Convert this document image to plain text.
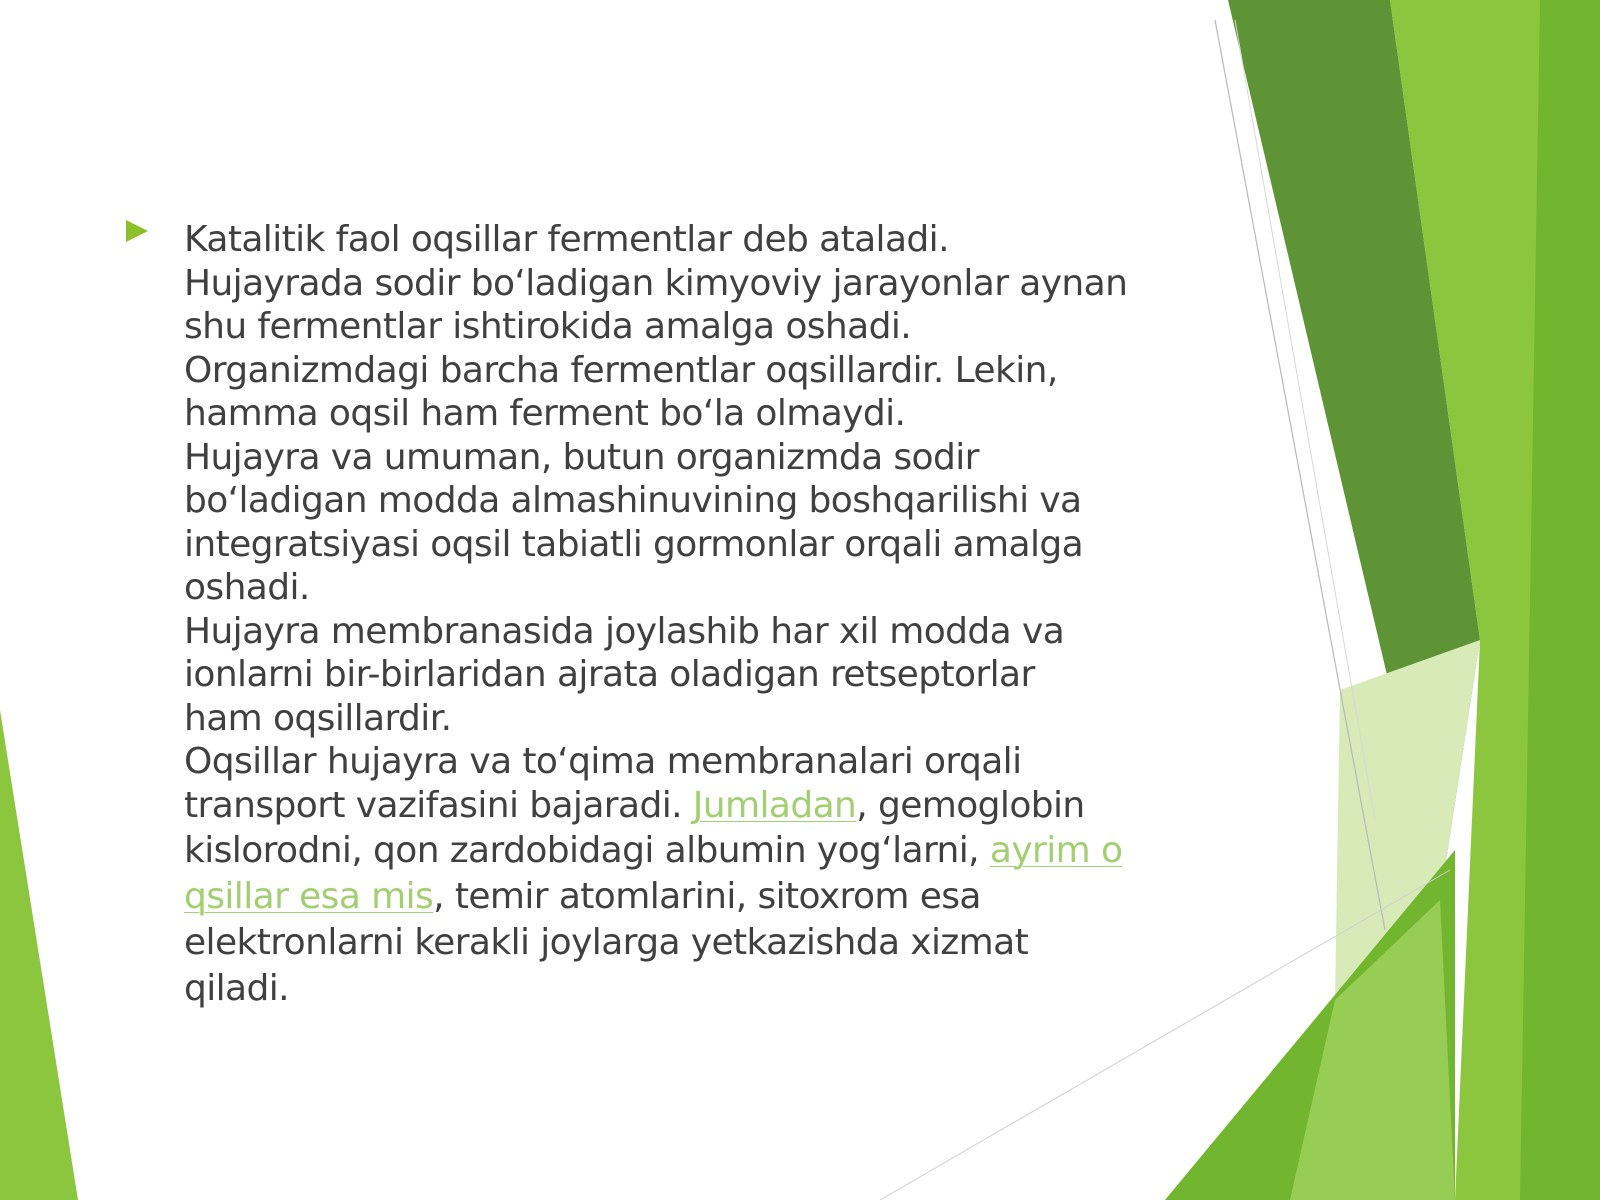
Katalitik faol oqsillar fermentlar deb ataladi.
Hujayrada sodir bo‘ladigan kimyoviy jarayonlar aynan
shu fermentlar ishtirokida amalga oshadi.
Organizmdagi barcha fermentlar oqsillardir. Lekin,
hamma oqsil ham ferment bo‘la olmaydi.
Hujayra va umuman, butun organizmda sodir
bo‘ladigan modda almashinuvining boshqarilishi va
integratsiyasi oqsil tabiatli gormonlar orqali amalga
oshadi.
Hujayra membranasida joylashib har xil modda va
ionlarni bir-birlaridan ajrata oladigan retseptorlar
ham oqsillardir.
Oqsillar hujayra va to‘qima membranalari orqali
transport vazifasini bajaradi. Jumladan, gemoglobin
kislorodni, qon zardobidagi albumin yog‘larni, ayrim o
qsillar esa mis, temir atomlarini, sitoxrom esa
elektronlarni kerakli joylarga yetkazishda xizmat
qiladi.
